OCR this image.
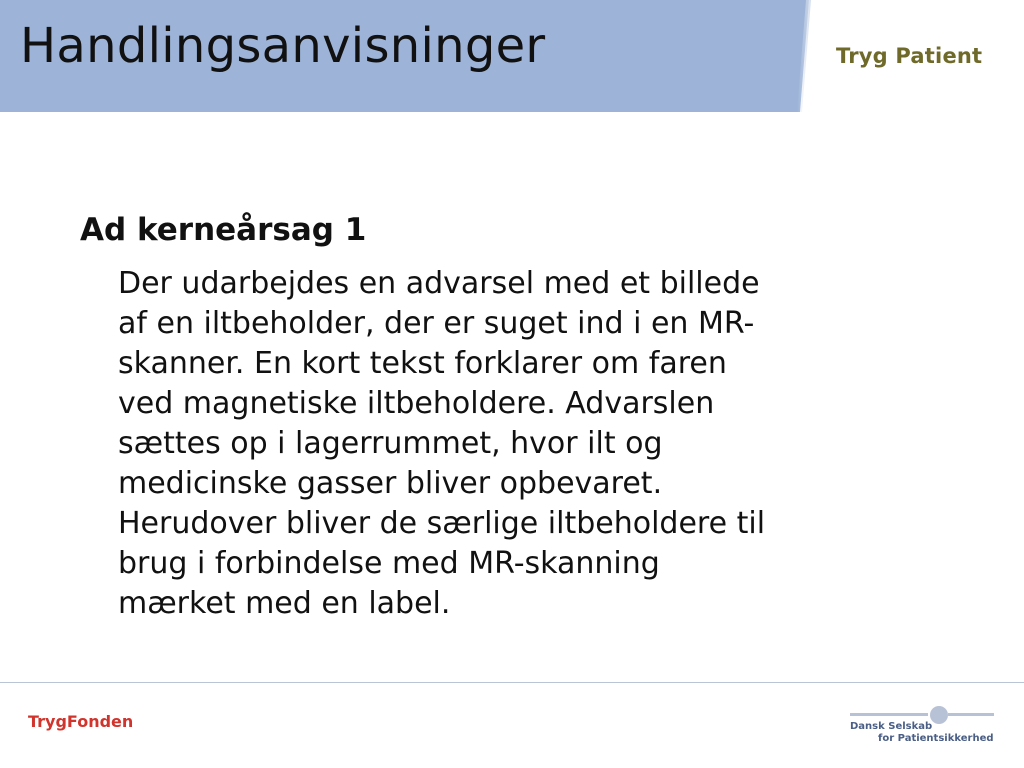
Handlingsanvisninger	Tryg Patient
Ad kerneårsag 1
Der udarbejdes en advarsel med et billede
af en iltbeholder, der er suget ind i en MR-
skanner. En kort tekst forklarer om faren
ved magnetiske iltbeholdere. Advarslen
sættes op i lagerrummet, hvor ilt og
medicinske gasser bliver opbevaret.
Herudover bliver de særlige iltbeholdere til
brug i forbindelse med MR-skanning
mærket med en label.
TrygFonden	Dansk Selskab
for Patientsikkerhed
